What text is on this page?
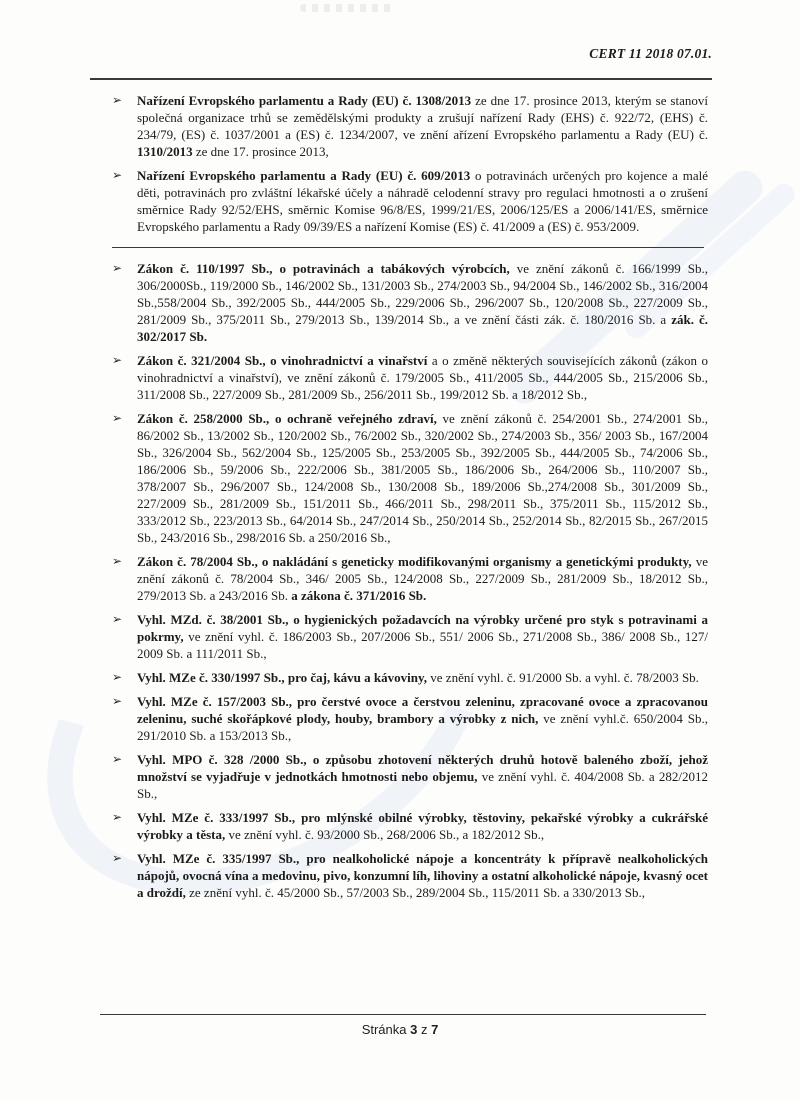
CERT 11 2018 07.01.
➢ Nařízení Evropského parlamentu a Rady (EU) č. 1308/2013 ze dne 17. prosince 2013, kterým se stanoví společná organizace trhů se zemědělskými produkty a zrušují nařízení Rady (EHS) č. 922/72, (EHS) č. 234/79, (ES) č. 1037/2001 a (ES) č. 1234/2007, ve znění ařízení Evropského parlamentu a Rady (EU) č. 1310/2013 ze dne 17. prosince 2013,
➢ Nařízení Evropského parlamentu a Rady (EU) č. 609/2013 o potravinách určených pro kojence a malé děti, potravinách pro zvláštní lékařské účely a náhradě celodenní stravy pro regulaci hmotnosti a o zrušení směrnice Rady 92/52/EHS, směrnic Komise 96/8/ES, 1999/21/ES, 2006/125/ES a 2006/141/ES, směrnice Evropského parlamentu a Rady 09/39/ES a nařízení Komise (ES) č. 41/2009 a (ES) č. 953/2009.
➢ Zákon č. 110/1997 Sb., o potravinách a tabákových výrobcích, ve znění zákonů č. 166/1999 Sb., 306/2000Sb., 119/2000 Sb., 146/2002 Sb., 131/2003 Sb., 274/2003 Sb., 94/2004 Sb., 146/2002 Sb., 316/2004 Sb.,558/2004 Sb., 392/2005 Sb., 444/2005 Sb., 229/2006 Sb., 296/2007 Sb., 120/2008 Sb., 227/2009 Sb., 281/2009 Sb., 375/2011 Sb., 279/2013 Sb., 139/2014 Sb., a ve znění části zák. č. 180/2016 Sb. a zák. č. 302/2017 Sb.
➢ Zákon č. 321/2004 Sb., o vinohradnictví a vinařství a o změně některých souvisejících zákonů (zákon o vinohradnictví a vinařství), ve znění zákonů č. 179/2005 Sb., 411/2005 Sb., 444/2005 Sb., 215/2006 Sb., 311/2008 Sb., 227/2009 Sb., 281/2009 Sb., 256/2011 Sb., 199/2012 Sb. a 18/2012 Sb.,
➢ Zákon č. 258/2000 Sb., o ochraně veřejného zdraví, ve znění zákonů č. 254/2001 Sb., 274/2001 Sb., 86/2002 Sb., 13/2002 Sb., 120/2002 Sb., 76/2002 Sb., 320/2002 Sb., 274/2003 Sb., 356/ 2003 Sb., 167/2004 Sb., 326/2004 Sb., 562/2004 Sb., 125/2005 Sb., 253/2005 Sb., 392/2005 Sb., 444/2005 Sb., 74/2006 Sb., 186/2006 Sb., 59/2006 Sb., 222/2006 Sb., 381/2005 Sb., 186/2006 Sb., 264/2006 Sb., 110/2007 Sb., 378/2007 Sb., 296/2007 Sb., 124/2008 Sb., 130/2008 Sb., 189/2006 Sb.,274/2008 Sb., 301/2009 Sb., 227/2009 Sb., 281/2009 Sb., 151/2011 Sb., 466/2011 Sb., 298/2011 Sb., 375/2011 Sb., 115/2012 Sb., 333/2012 Sb., 223/2013 Sb., 64/2014 Sb., 247/2014 Sb., 250/2014 Sb., 252/2014 Sb., 82/2015 Sb., 267/2015 Sb., 243/2016 Sb., 298/2016 Sb. a 250/2016 Sb.,
➢ Zákon č. 78/2004 Sb., o nakládání s geneticky modifikovanými organismy a genetickými produkty, ve znění zákonů č. 78/2004 Sb., 346/ 2005 Sb., 124/2008 Sb., 227/2009 Sb., 281/2009 Sb., 18/2012 Sb., 279/2013 Sb. a 243/2016 Sb. a zákona č. 371/2016 Sb.
➢ Vyhl. MZd. č. 38/2001 Sb., o hygienických požadavcích na výrobky určené pro styk s potravinami a pokrmy, ve znění vyhl. č. 186/2003 Sb., 207/2006 Sb., 551/ 2006 Sb., 271/2008 Sb., 386/ 2008 Sb., 127/ 2009 Sb. a 111/2011 Sb.,
➢ Vyhl. MZe č. 330/1997 Sb., pro čaj, kávu a kávoviny, ve znění vyhl. č. 91/2000 Sb. a vyhl. č. 78/2003 Sb.
➢ Vyhl. MZe č. 157/2003 Sb., pro čerstvé ovoce a čerstvou zeleninu, zpracované ovoce a zpracovanou zeleninu, suché skořápkové plody, houby, brambory a výrobky z nich, ve znění vyhl.č. 650/2004 Sb., 291/2010 Sb. a 153/2013 Sb.,
➢ Vyhl. MPO č. 328 /2000 Sb., o způsobu zhotovení některých druhů hotově baleného zboží, jehož množství se vyjadřuje v jednotkách hmotnosti nebo objemu, ve znění vyhl. č. 404/2008 Sb. a 282/2012 Sb.,
➢ Vyhl. MZe č. 333/1997 Sb., pro mlýnské obilné výrobky, těstoviny, pekařské výrobky a cukrářské výrobky a těsta, ve znění vyhl. č. 93/2000 Sb., 268/2006 Sb., a 182/2012 Sb.,
➢ Vyhl. MZe č. 335/1997 Sb., pro nealkoholické nápoje a koncentráty k přípravě nealkoholických nápojů, ovocná vína a medovinu, pivo, konzumní líh, lihoviny a ostatní alkoholické nápoje, kvasný ocet a droždí, ze znění vyhl. č. 45/2000 Sb., 57/2003 Sb., 289/2004 Sb., 115/2011 Sb. a 330/2013 Sb.,
Stránka 3 z 7
